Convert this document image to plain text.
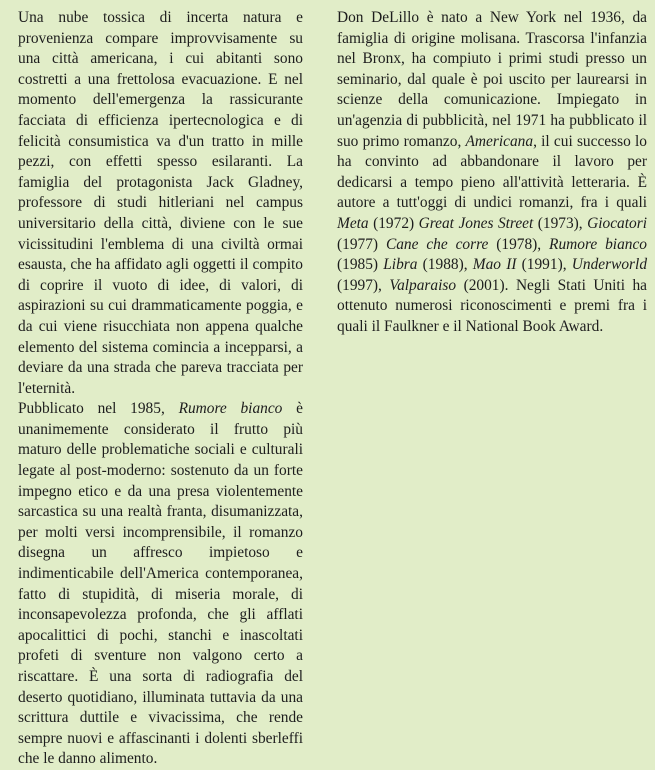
Una nube tossica di incerta natura e provenienza compare improvvisamente su una città americana, i cui abitanti sono costretti a una frettolosa evacuazione. E nel momento dell'emergenza la rassicurante facciata di efficienza ipertecnologica e di felicità consumistica va d'un tratto in mille pezzi, con effetti spesso esilaranti. La famiglia del protagonista Jack Gladney, professore di studi hitleriani nel campus universitario della città, diviene con le sue vicissitudini l'emblema di una civiltà ormai esausta, che ha affidato agli oggetti il compito di coprire il vuoto di idee, di valori, di aspirazioni su cui drammaticamente poggia, e da cui viene risucchiata non appena qualche elemento del sistema comincia a incepparsi, a deviare da una strada che pareva tracciata per l'eternità.

Pubblicato nel 1985, Rumore bianco è unanimemente considerato il frutto più maturo delle problematiche sociali e culturali legate al post-moderno: sostenuto da un forte impegno etico e da una presa violentemente sarcastica su una realtà franta, disumanizzata, per molti versi incomprensibile, il romanzo disegna un affresco impietoso e indimenticabile dell'America contemporanea, fatto di stupidità, di miseria morale, di inconsapevolezza profonda, che gli afflati apocalittici di pochi, stanchi e inascoltati profeti di sventure non valgono certo a riscattare. È una sorta di radiografia del deserto quotidiano, illuminata tuttavia da una scrittura duttile e vivacissima, che rende sempre nuovi e affascinanti i dolenti sberleffi che le danno alimento.

Don DeLillo è nato a New York nel 1936, da famiglia di origine molisana. Trascorsa l'infanzia nel Bronx, ha compiuto i primi studi presso un seminario, dal quale è poi uscito per laurearsi in scienze della comunicazione. Impiegato in un'agenzia di pubblicità, nel 1971 ha pubblicato il suo primo romanzo, Americana, il cui successo lo ha convinto ad abbandonare il lavoro per dedicarsi a tempo pieno all'attività letteraria. È autore a tutt'oggi di undici romanzi, fra i quali Meta (1972) Great Jones Street (1973), Giocatori (1977) Cane che corre (1978), Rumore bianco (1985) Libra (1988), Mao II (1991), Underworld (1997), Valparaiso (2001). Negli Stati Uniti ha ottenuto numerosi riconoscimenti e premi fra i quali il Faulkner e il National Book Award.
